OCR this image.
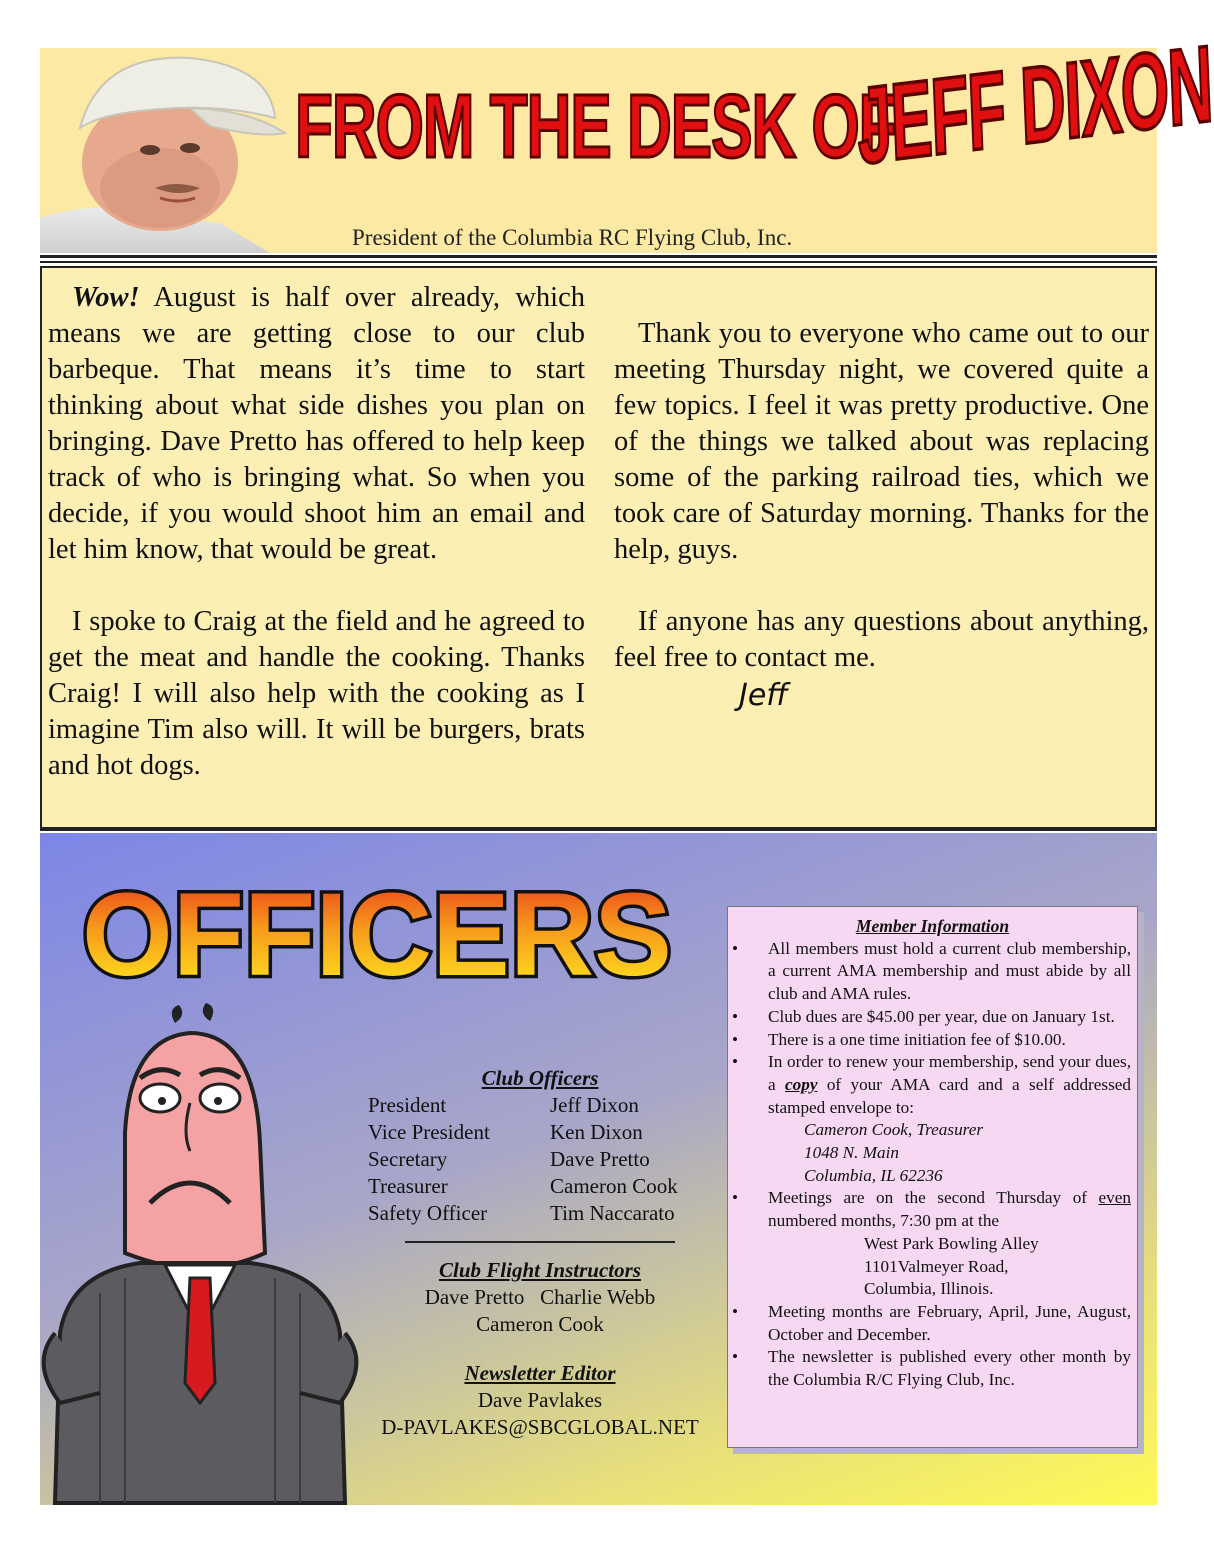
FROM THE DESK OF
JEFF DIXON
President of the Columbia RC Flying Club, Inc.

Wow! August is half over already, which means we are getting close to our club barbeque. That means it’s time to start thinking about what side dishes you plan on bringing. Dave Pretto has offered to help keep track of who is bringing what. So when you decide, if you would shoot him an email and let him know, that would be great.

I spoke to Craig at the field and he agreed to get the meat and handle the cooking. Thanks Craig! I will also help with the cooking as I imagine Tim also will. It will be burgers, brats and hot dogs.

Thank you to everyone who came out to our meeting Thursday night, we covered quite a few topics. I feel it was pretty productive. One of the things we talked about was replacing some of the parking railroad ties, which we took care of Saturday morning. Thanks for the help, guys.

If anyone has any questions about anything, feel free to contact me.

Jeff
OFFICERS
Club Officers
President	Jeff Dixon
Vice President	Ken Dixon
Secretary	Dave Pretto
Treasurer	Cameron Cook
Safety Officer	Tim Naccarato
Club Flight Instructors
Dave Pretto   Charlie Webb
Cameron Cook
Newsletter Editor
Dave Pavlakes
D-PAVLAKES@SBCGLOBAL.NET
Member Information
• All members must hold a current club membership, a current AMA membership and must abide by all club and AMA rules.
• Club dues are $45.00 per year, due on January 1st.
• There is a one time initiation fee of $10.00.
• In order to renew your membership, send your dues, a copy of your AMA card and a self addressed stamped envelope to:
Cameron Cook, Treasurer
1048 N. Main
Columbia, IL 62236
• Meetings are on the second Thursday of even numbered months, 7:30 pm at the
West Park Bowling Alley
1101Valmeyer Road,
Columbia, Illinois.
• Meeting months are February, April, June, August, October and December.
• The newsletter is published every other month by the Columbia R/C Flying Club, Inc.
